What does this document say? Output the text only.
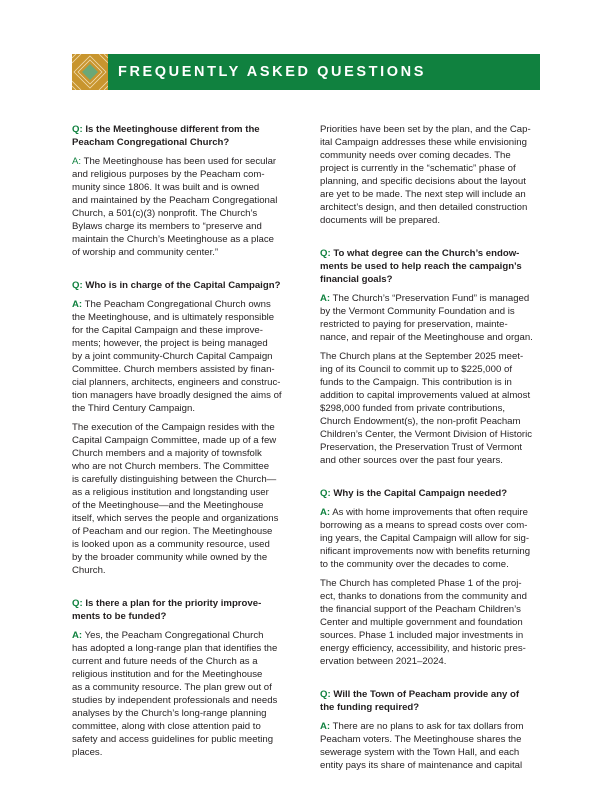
FREQUENTLY ASKED QUESTIONS
Q: Is the Meetinghouse different from the
Peacham Congregational Church?
A: The Meetinghouse has been used for secular
and religious purposes by the Peacham com-
munity since 1806. It was built and is owned
and maintained by the Peacham Congregational
Church, a 501(c)(3) nonprofit. The Church’s
Bylaws charge its members to “preserve and
maintain the Church’s Meetinghouse as a place
of worship and community center.”
Q: Who is in charge of the Capital Campaign?
A: The Peacham Congregational Church owns
the Meetinghouse, and is ultimately responsible
for the Capital Campaign and these improve-
ments; however, the project is being managed
by a joint community-Church Capital Campaign
Committee. Church members assisted by finan-
cial planners, architects, engineers and construc-
tion managers have broadly designed the aims of
the Third Century Campaign.
The execution of the Campaign resides with the
Capital Campaign Committee, made up of a few
Church members and a majority of townsfolk
who are not Church members. The Committee
is carefully distinguishing between the Church—
as a religious institution and longstanding user
of the Meetinghouse—and the Meetinghouse
itself, which serves the people and organizations
of Peacham and our region. The Meetinghouse
is looked upon as a community resource, used
by the broader community while owned by the
Church.
Q: Is there a plan for the priority improve-
ments to be funded?
A: Yes, the Peacham Congregational Church
has adopted a long-range plan that identifies the
current and future needs of the Church as a
religious institution and for the Meetinghouse
as a community resource. The plan grew out of
studies by independent professionals and needs
analyses by the Church’s long-range planning
committee, along with close attention paid to
safety and access guidelines for public meeting
places.
Priorities have been set by the plan, and the Cap-
ital Campaign addresses these while envisioning
community needs over coming decades. The
project is currently in the “schematic” phase of
planning, and specific decisions about the layout
are yet to be made. The next step will include an
architect’s design, and then detailed construction
documents will be prepared.
Q: To what degree can the Church’s endow-
ments be used to help reach the campaign’s
financial goals?
A: The Church’s “Preservation Fund” is managed
by the Vermont Community Foundation and is
restricted to paying for preservation, mainte-
nance, and repair of the Meetinghouse and organ.
The Church plans at the September 2025 meet-
ing of its Council to commit up to $225,000 of
funds to the Campaign. This contribution is in
addition to capital improvements valued at almost
$298,000 funded from private contributions,
Church Endowment(s), the non-profit Peacham
Children’s Center, the Vermont Division of Historic
Preservation, the Preservation Trust of Vermont
and other sources over the past four years.
Q: Why is the Capital Campaign needed?
A: As with home improvements that often require
borrowing as a means to spread costs over com-
ing years, the Capital Campaign will allow for sig-
nificant improvements now with benefits returning
to the community over the decades to come.
The Church has completed Phase 1 of the proj-
ect, thanks to donations from the community and
the financial support of the Peacham Children’s
Center and multiple government and foundation
sources. Phase 1 included major investments in
energy efficiency, accessibility, and historic pres-
ervation between 2021–2024.
Q: Will the Town of Peacham provide any of
the funding required?
A: There are no plans to ask for tax dollars from
Peacham voters. The Meetinghouse shares the
sewerage system with the Town Hall, and each
entity pays its share of maintenance and capital
